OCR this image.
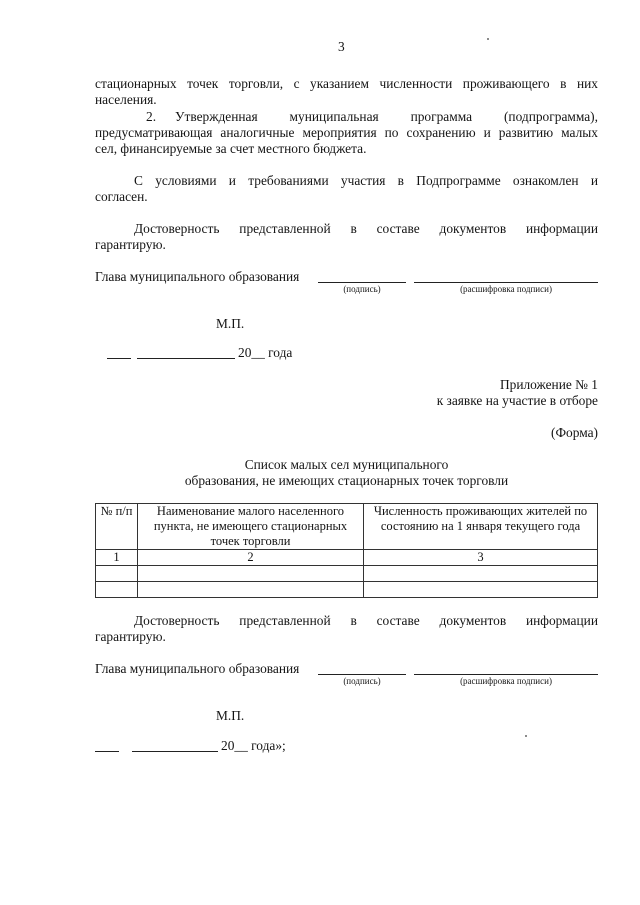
3
стационарных точек торговли, с указанием численности проживающего в них
населения.
2. Утвержденная муниципальная программа (подпрограмма),
предусматривающая аналогичные мероприятия по сохранению и развитию малых
сел, финансируемые за счет местного бюджета.
С условиями и требованиями участия в Подпрограмме ознакомлен и
согласен.
Достоверность представленной в составе документов информации
гарантирую.
Глава муниципального образования
(подпись)	(расшифровка подписи)
М.П.
20__ года
Приложение № 1
к заявке на участие в отборе
(Форма)
Список малых сел муниципального
образования, не имеющих стационарных точек торговли
№ п/п	Наименование малого населенного пункта, не имеющего стационарных точек торговли	Численность проживающих жителей по состоянию на 1 января текущего года
1	2	3

Достоверность представленной в составе документов информации
гарантирую.
Глава муниципального образования
(подпись)	(расшифровка подписи)
М.П.
20__ года»;
